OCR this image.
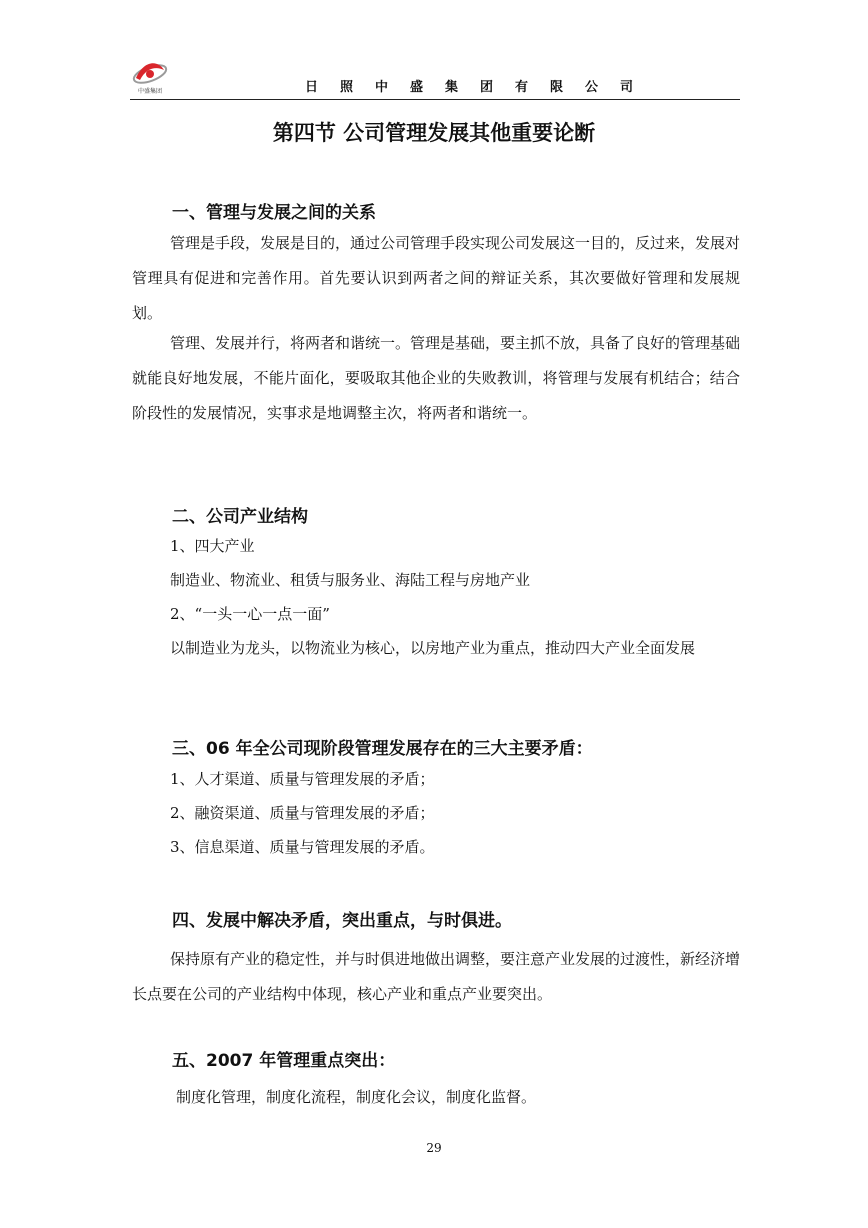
中盛集团	日照中盛集团有限公司
第四节 公司管理发展其他重要论断
一、管理与发展之间的关系

管理是手段，发展是目的，通过公司管理手段实现公司发展这一目的，反过来，发展对管理具有促进和完善作用。首先要认识到两者之间的辩证关系，其次要做好管理和发展规划。

管理、发展并行，将两者和谐统一。管理是基础，要主抓不放，具备了良好的管理基础就能良好地发展，不能片面化，要吸取其他企业的失败教训，将管理与发展有机结合；结合阶段性的发展情况，实事求是地调整主次，将两者和谐统一。

二、公司产业结构
1、四大产业
制造业、物流业、租赁与服务业、海陆工程与房地产业
2、“一头一心一点一面”

以制造业为龙头，以物流业为核心，以房地产业为重点，推动四大产业全面发展

三、06 年全公司现阶段管理发展存在的三大主要矛盾：
1、人才渠道、质量与管理发展的矛盾；
2、融资渠道、质量与管理发展的矛盾；
3、信息渠道、质量与管理发展的矛盾。
四、发展中解决矛盾，突出重点，与时俱进。

保持原有产业的稳定性，并与时俱进地做出调整，要注意产业发展的过渡性，新经济增长点要在公司的产业结构中体现，核心产业和重点产业要突出。

五、2007 年管理重点突出：
制度化管理，制度化流程，制度化会议，制度化监督。
29
